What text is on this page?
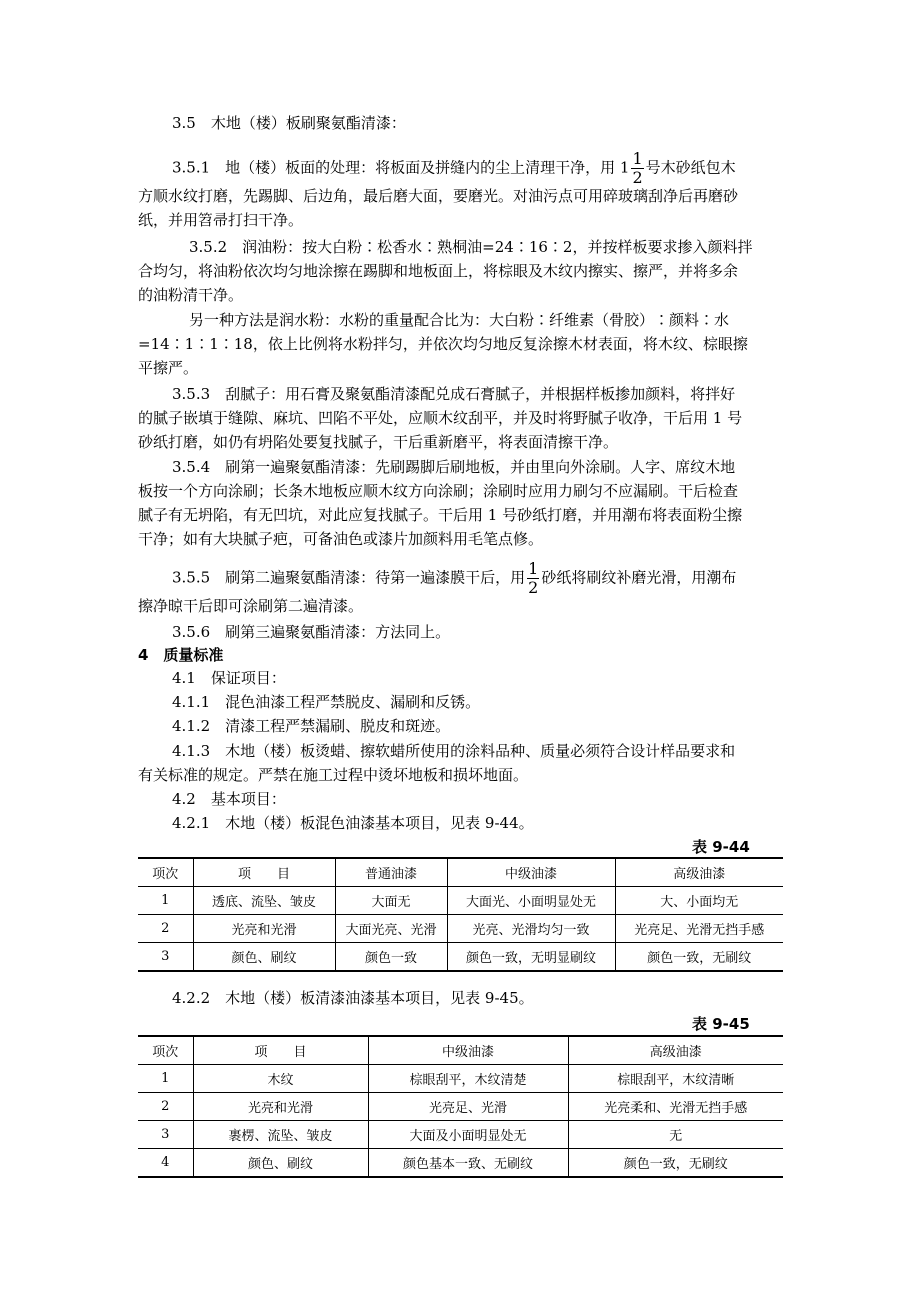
3.5　木地（楼）板刷聚氨酯清漆：
3.5.1　地（楼）板面的处理：将板面及拼缝内的尘上清理干净，用 $1 \frac{1}{2}$ 号木砂纸包木
方顺水纹打磨，先踢脚、后边角，最后磨大面，要磨光。对油污点可用碎玻璃刮净后再磨砂
纸，并用笤帚打扫干净。
3.5.2　润油粉：按大白粉∶松香水∶熟桐油=24∶16∶2，并按样板要求掺入颜料拌
合均匀，将油粉依次均匀地涂擦在踢脚和地板面上，将棕眼及木纹内擦实、擦严，并将多余
的油粉清干净。
另一种方法是润水粉：水粉的重量配合比为：大白粉∶纤维素（骨胶）∶颜料∶水
=14∶1∶1∶18，依上比例将水粉拌匀，并依次均匀地反复涂擦木材表面，将木纹、棕眼擦
平擦严。
3.5.3　刮腻子：用石膏及聚氨酯清漆配兑成石膏腻子，并根据样板掺加颜料，将拌好
的腻子嵌填于缝隙、麻坑、凹陷不平处，应顺木纹刮平，并及时将野腻子收净，干后用 1 号
砂纸打磨，如仍有坍陷处要复找腻子，干后重新磨平，将表面清擦干净。
3.5.4　刷第一遍聚氨酯清漆：先刷踢脚后刷地板，并由里向外涂刷。人字、席纹木地
板按一个方向涂刷；长条木地板应顺木纹方向涂刷；涂刷时应用力刷匀不应漏刷。干后检查
腻子有无坍陷，有无凹坑，对此应复找腻子。干后用 1 号砂纸打磨，并用潮布将表面粉尘擦
干净；如有大块腻子疤，可备油色或漆片加颜料用毛笔点修。
3.5.5　刷第二遍聚氨酯清漆：待第一遍漆膜干后，用 $\frac{1}{2}$ 砂纸将刷纹补磨光滑，用潮布
擦净晾干后即可涂刷第二遍清漆。
3.5.6　刷第三遍聚氨酯清漆：方法同上。
4　质量标准
4.1　保证项目：
4.1.1　混色油漆工程严禁脱皮、漏刷和反锈。
4.1.2　清漆工程严禁漏刷、脱皮和斑迹。
4.1.3　木地（楼）板烫蜡、擦软蜡所使用的涂料品种、质量必须符合设计样品要求和
有关标准的规定。严禁在施工过程中烫坏地板和损坏地面。
4.2　基本项目：
4.2.1　木地（楼）板混色油漆基本项目，见表 9-44。
表 9-44
项次	项　　目	普通油漆	中级油漆	高级油漆
1	透底、流坠、皱皮	大面无	大面光、小面明显处无	大、小面均无
2	光亮和光滑	大面光亮、光滑	光亮、光滑均匀一致	光亮足、光滑无挡手感
3	颜色、刷纹	颜色一致	颜色一致，无明显刷纹	颜色一致，无刷纹
4.2.2　木地（楼）板清漆油漆基本项目，见表 9-45。
表 9-45
项次	项　　目	中级油漆	高级油漆
1	木纹	棕眼刮平，木纹清楚	棕眼刮平，木纹清晰
2	光亮和光滑	光亮足、光滑	光亮柔和、光滑无挡手感
3	裹楞、流坠、皱皮	大面及小面明显处无	无
4	颜色、刷纹	颜色基本一致、无刷纹	颜色一致，无刷纹
